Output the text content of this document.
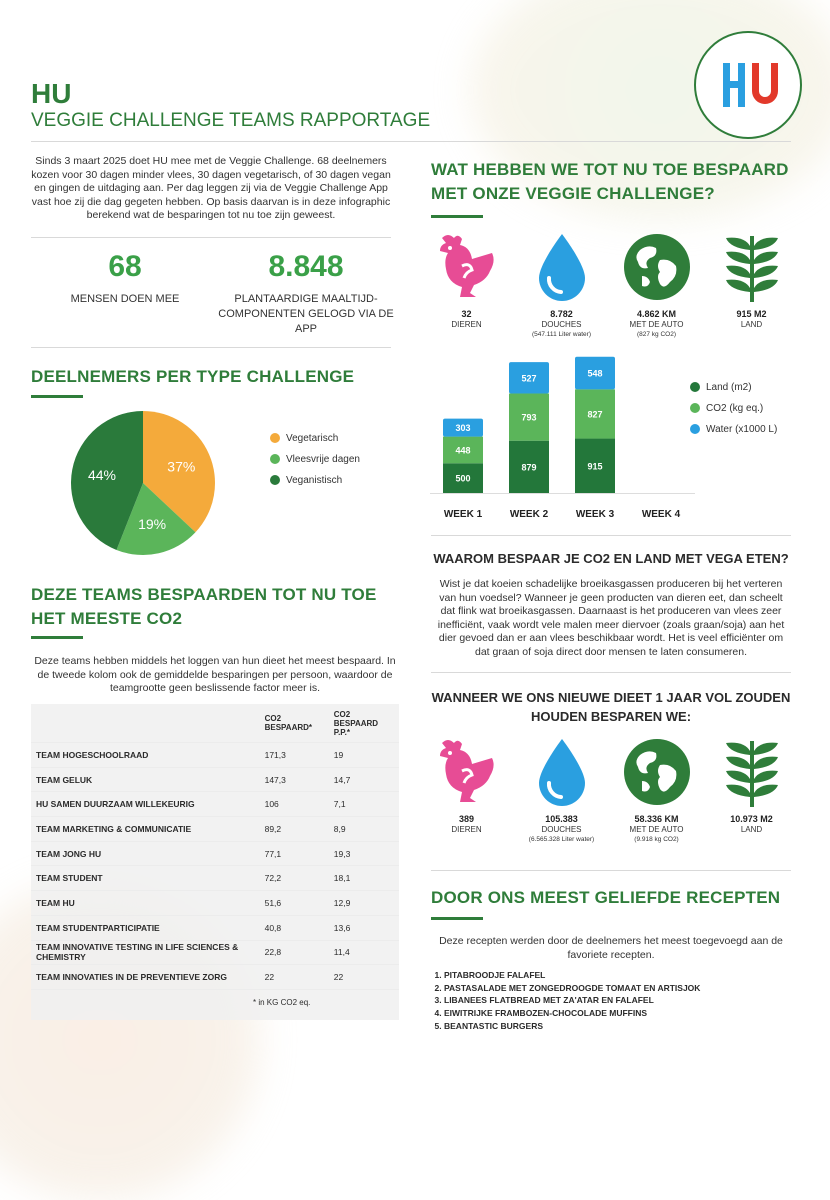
HU
VEGGIE CHALLENGE TEAMS RAPPORTAGE
Sinds 3 maart 2025 doet HU mee met de Veggie Challenge. 68 deelnemers kozen voor 30 dagen minder vlees, 30 dagen vegetarisch, of 30 dagen vegan en gingen de uitdaging aan. Per dag leggen zij via de Veggie Challenge App vast hoe zij die dag gegeten hebben. Op basis daarvan is in deze infographic berekend wat de besparingen tot nu toe zijn geweest.
68
MENSEN DOEN MEE
8.848
PLANTAARDIGE MAALTIJD-COMPONENTEN GELOGD VIA DE APP
DEELNEMERS PER TYPE CHALLENGE
37%
19%
44%
Vegetarisch
Vleesvrije dagen
Veganistisch
DEZE TEAMS BESPAARDEN TOT NU TOE HET MEESTE CO2
Deze teams hebben middels het loggen van hun dieet het meest bespaard. In de tweede kolom ook de gemiddelde besparingen per persoon, waardoor de teamgrootte geen beslissende factor meer is.
	CO2 BESPAARD*	CO2 BESPAARD P.P.*
TEAM HOGESCHOOLRAAD	171,3	19
TEAM GELUK	147,3	14,7
HU SAMEN DUURZAAM WILLEKEURIG	106	7,1
TEAM MARKETING & COMMUNICATIE	89,2	8,9
TEAM JONG HU	77,1	19,3
TEAM STUDENT	72,2	18,1
TEAM HU	51,6	12,9
TEAM STUDENTPARTICIPATIE	40,8	13,6
TEAM INNOVATIVE TESTING IN LIFE SCIENCES & CHEMISTRY	22,8	11,4
TEAM INNOVATIES IN DE PREVENTIEVE ZORG	22	22
* in KG CO2 eq.
WAT HEBBEN WE TOT NU TOE BESPAARD MET ONZE VEGGIE CHALLENGE?
32
DIEREN
8.782
DOUCHES
(547.111 Liter water)
4.862 KM
MET DE AUTO
(827 kg CO2)
915 M2
LAND
500
448
303
WEEK 1
879
793
527
WEEK 2
915
827
548
WEEK 3	WEEK 4
Land (m2)
CO2 (kg eq.)
Water (x1000 L)
WAAROM BESPAAR JE CO2 EN LAND MET VEGA ETEN?
Wist je dat koeien schadelijke broeikasgassen produceren bij het verteren van hun voedsel? Wanneer je geen producten van dieren eet, dan scheelt dat flink wat broeikasgassen. Daarnaast is het produceren van vlees zeer inefficiënt, vaak wordt vele malen meer diervoer (zoals graan/soja) aan het dier gevoed dan er aan vlees beschikbaar wordt. Het is veel efficiënter om dat graan of soja direct door mensen te laten consumeren.
WANNEER WE ONS NIEUWE DIEET 1 JAAR VOL ZOUDEN HOUDEN BESPAREN WE:
389
DIEREN
105.383
DOUCHES
(6.565.328 Liter water)
58.336 KM
MET DE AUTO
(9.918 kg CO2)
10.973 M2
LAND
DOOR ONS MEEST GELIEFDE RECEPTEN
Deze recepten werden door de deelnemers het meest toegevoegd aan de favoriete recepten.
1. PITABROODJE FALAFEL
2. PASTASALADE MET ZONGEDROOGDE TOMAAT EN ARTISJOK
3. LIBANEES FLATBREAD MET ZA'ATAR EN FALAFEL
4. EIWITRIJKE FRAMBOZEN-CHOCOLADE MUFFINS
5. BEANTASTIC BURGERS
